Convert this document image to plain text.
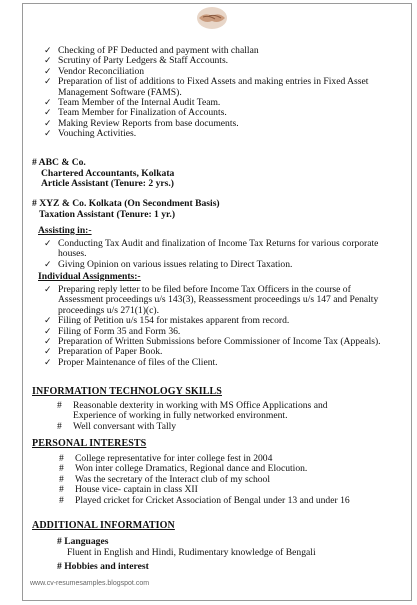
✓ Checking of PF Deducted and payment with challan
✓ Scrutiny of Party Ledgers & Staff Accounts.
✓ Vendor Reconciliation
✓ Preparation of list of additions to Fixed Assets and making entries in Fixed Asset Management Software (FAMS).
✓ Team Member of the Internal Audit Team.
✓ Team Member for Finalization of Accounts.
✓ Making Review Reports from base documents.
✓ Vouching Activities.
# ABC & Co.
Chartered Accountants, Kolkata
Article Assistant (Tenure: 2 yrs.)
# XYZ & Co. Kolkata (On Secondment Basis)
Taxation Assistant (Tenure: 1 yr.)
Assisting in:-
✓ Conducting Tax Audit and finalization of Income Tax Returns for various corporate houses.
✓ Giving Opinion on various issues relating to Direct Taxation.
Individual Assignments:-
✓ Preparing reply letter to be filed before Income Tax Officers in the course of Assessment proceedings u/s 143(3), Reassessment proceedings u/s 147 and Penalty proceedings u/s 271(1)(c).
✓ Filing of Petition u/s 154 for mistakes apparent from record.
✓ Filing of Form 35 and Form 36.
✓ Preparation of Written Submissions before Commissioner of Income Tax (Appeals).
✓ Preparation of Paper Book.
✓ Proper Maintenance of files of the Client.
INFORMATION TECHNOLOGY SKILLS
# Reasonable dexterity in working with MS Office Applications and Experience of working in fully networked environment.
# Well conversant with Tally
PERSONAL INTERESTS
# College representative for inter college fest in 2004
# Won inter college Dramatics, Regional dance and Elocution.
# Was the secretary of the Interact club of my school
# House vice- captain in class XII
# Played cricket for Cricket Association of Bengal under 13 and under 16
ADDITIONAL INFORMATION
# Languages
Fluent in English and Hindi, Rudimentary knowledge of Bengali
# Hobbies and interest
www.cv-resumesamples.blogspot.com
